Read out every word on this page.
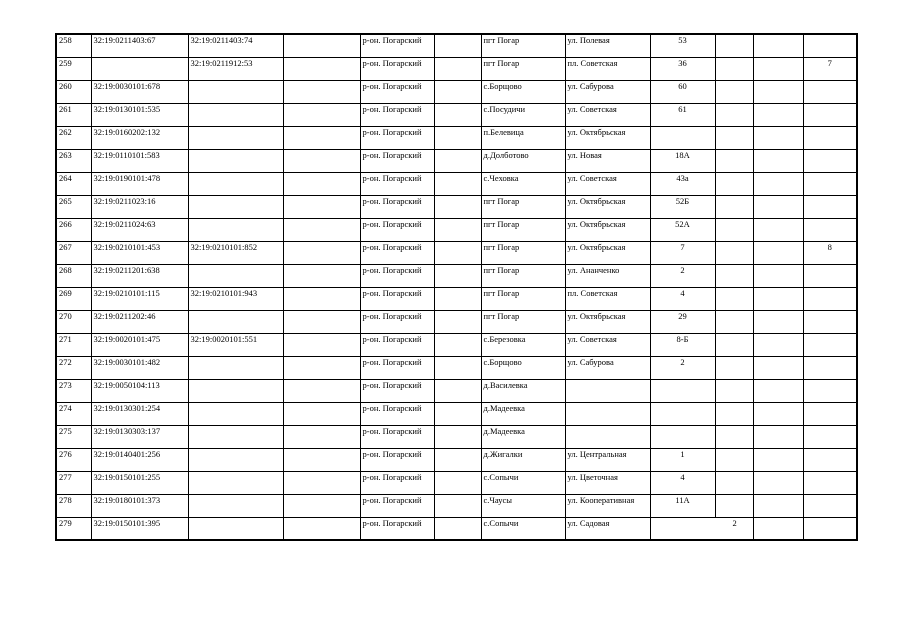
258	32:19:0211403:67	32:19:0211403:74		р-он. Погарский		пгт Погар	ул. Полевая	53			
259		32:19:0211912:53		р-он. Погарский		пгт Погар	пл. Советская	36			7
260	32:19:0030101:678			р-он. Погарский		с.Борщово	ул. Сабурова	60			
261	32:19:0130101:535			р-он. Погарский		с.Посудичи	ул. Советская	61			
262	32:19:0160202:132			р-он. Погарский		п.Белевица	ул. Октябрьская				
263	32:19:0110101:583			р-он. Погарский		д.Долботово	ул. Новая	18А			
264	32:19:0190101:478			р-он. Погарский		с.Чеховка	ул. Советская	43а			
265	32:19:0211023:16			р-он. Погарский		пгт Погар	ул. Октябрьская	52Б			
266	32:19:0211024:63			р-он. Погарский		пгт Погар	ул. Октябрьская	52А			
267	32:19:0210101:453	32:19:0210101:852		р-он. Погарский		пгт Погар	ул. Октябрьская	7			8
268	32:19:0211201:638			р-он. Погарский		пгт Погар	ул. Ананченко	2			
269	32:19:0210101:115	32:19:0210101:943		р-он. Погарский		пгт Погар	пл. Советская	4			
270	32:19:0211202:46			р-он. Погарский		пгт Погар	ул. Октябрьская	29			
271	32:19:0020101:475	32:19:0020101:551		р-он. Погарский		с.Березовка	ул. Советская	8-Б			
272	32:19:0030101:482			р-он. Погарский		с.Борщово	ул. Сабурова	2			
273	32:19:0050104:113			р-он. Погарский		д.Василевка					
274	32:19:0130301:254			р-он. Погарский		д.Мадеевка					
275	32:19:0130303:137			р-он. Погарский		д.Мадеевка					
276	32:19:0140401:256			р-он. Погарский		д.Жигалки	ул. Центральная	1			
277	32:19:0150101:255			р-он. Погарский		с.Сопычи	ул. Цветочная	4			
278	32:19:0180101:373			р-он. Погарский		с.Чаусы	ул. Кооперативная	11А			
279	32:19:0150101:395			р-он. Погарский		с.Сопычи	ул. Садовая		2		
